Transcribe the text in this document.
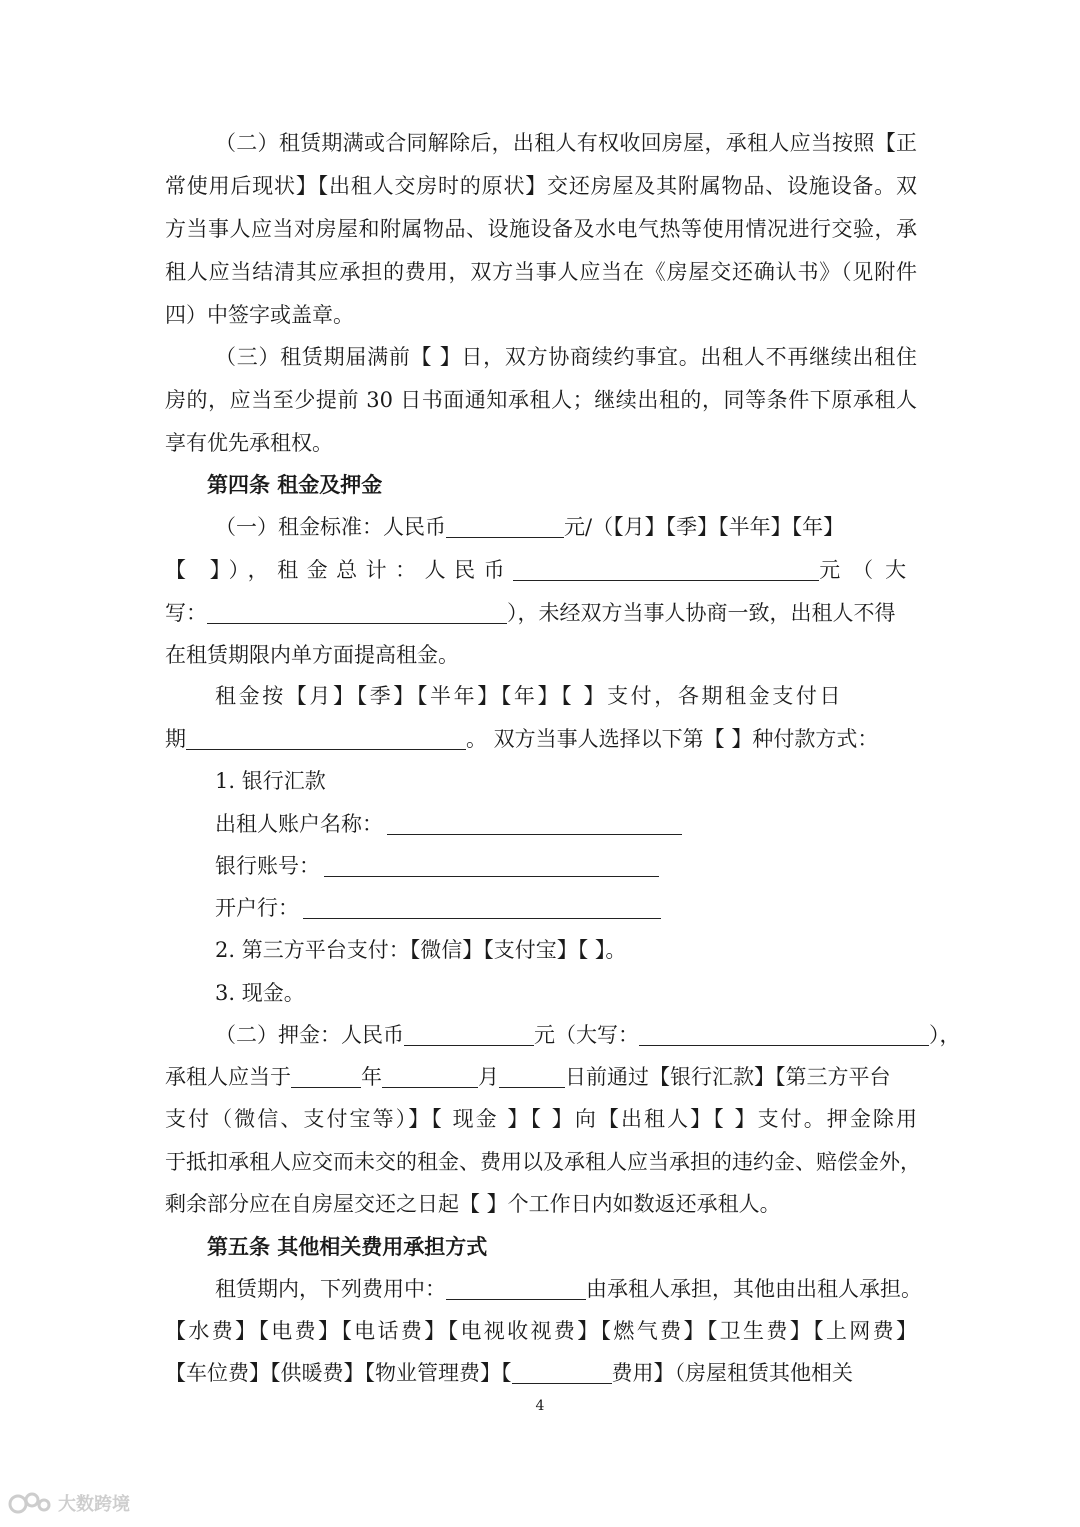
（二）租赁期满或合同解除后，出租人有权收回房屋，承租人应当按照【正
常使用后现状】【出租人交房时的原状】交还房屋及其附属物品、设施设备。双
方当事人应当对房屋和附属物品、设施设备及水电气热等使用情况进行交验，承
租人应当结清其应承担的费用，双方当事人应当在《房屋交还确认书》（见附件
四）中签字或盖章。
（三）租赁期届满前【 】日，双方协商续约事宜。出租人不再继续出租住
房的，应当至少提前 30 日书面通知承租人；继续出租的，同等条件下原承租人
享有优先承租权。
第四条 租金及押金
（一）租金标准：人民币	元/（【月】【季】【半年】【年】
【 】），租金总计：人民币	元（大
写：	），未经双方当事人协商一致，出租人不得
在租赁期限内单方面提高租金。
租金按【月】【季】【半年】【年】【 】支付，各期租金支付日
期	。 双方当事人选择以下第【 】种付款方式：
1. 银行汇款
出租人账户名称：
银行账号：
开户行：
2. 第三方平台支付：【微信】【支付宝】【 】。
3. 现金。
（二）押金：人民币	元（大写：	），
承租人应当于	年	月	日前通过【银行汇款】【第三方平台
支付（微信、支付宝等）】【 现金 】【 】向【出租人】【 】支付。押金除用
于抵扣承租人应交而未交的租金、费用以及承租人应当承担的违约金、赔偿金外，
剩余部分应在自房屋交还之日起【 】个工作日内如数返还承租人。
第五条 其他相关费用承担方式
租赁期内，下列费用中：	由承租人承担，其他由出租人承担。
【水费】【电费】【电话费】【电视收视费】【燃气费】【卫生费】【上网费】
【车位费】【供暖费】【物业管理费】【	费用】（房屋租赁其他相关
4
大数跨境
